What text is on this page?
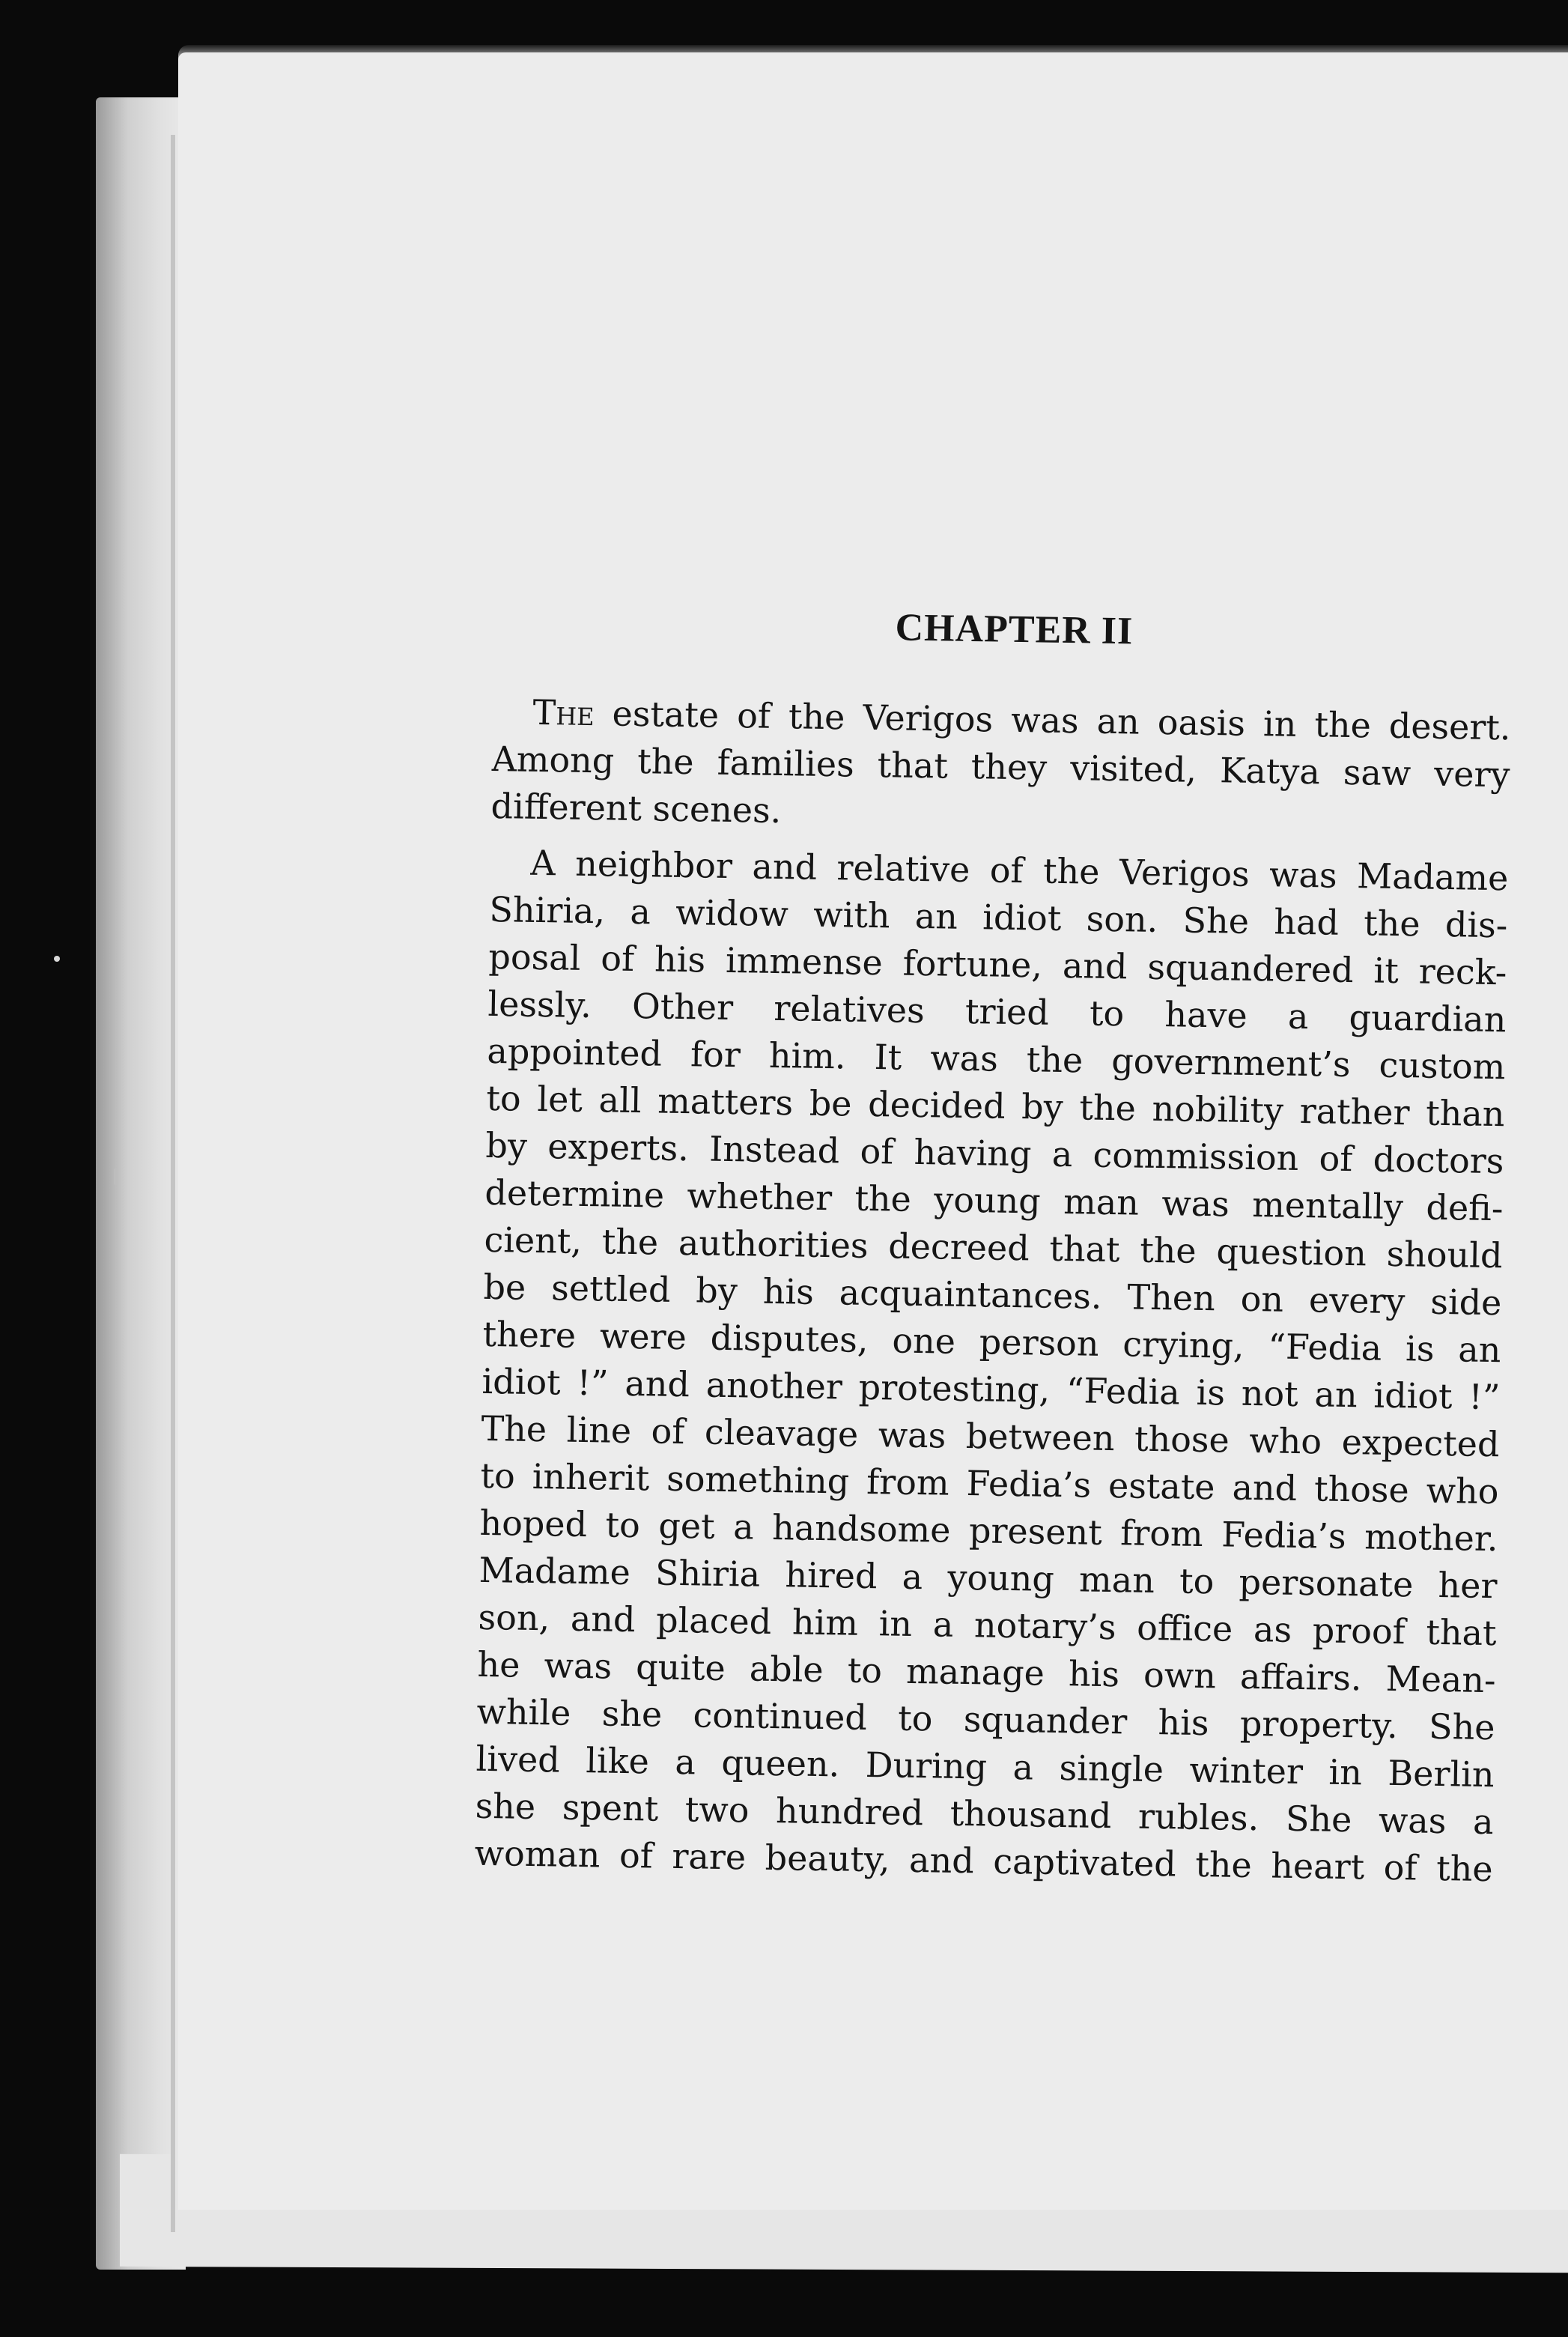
CHAPTER II
The estate of the Verigos was an oasis in the desert.
Among the families that they visited, Katya saw very
different scenes.
A neighbor and relative of the Verigos was Madame
Shiria, a widow with an idiot son. She had the dis-
posal of his immense fortune, and squandered it reck-
lessly. Other relatives tried to have a guardian
appointed for him. It was the government’s custom
to let all matters be decided by the nobility rather than
by experts. Instead of having a commission of doctors
determine whether the young man was mentally defi-
cient, the authorities decreed that the question should
be settled by his acquaintances. Then on every side
there were disputes, one person crying, “Fedia is an
idiot !” and another protesting, “Fedia is not an idiot !”
The line of cleavage was between those who expected
to inherit something from Fedia’s estate and those who
hoped to get a handsome present from Fedia’s mother.
Madame Shiria hired a young man to personate her
son, and placed him in a notary’s office as proof that
he was quite able to manage his own affairs. Mean-
while she continued to squander his property. She
lived like a queen. During a single winter in Berlin
she spent two hundred thousand rubles. She was a
woman of rare beauty, and captivated the heart of the
